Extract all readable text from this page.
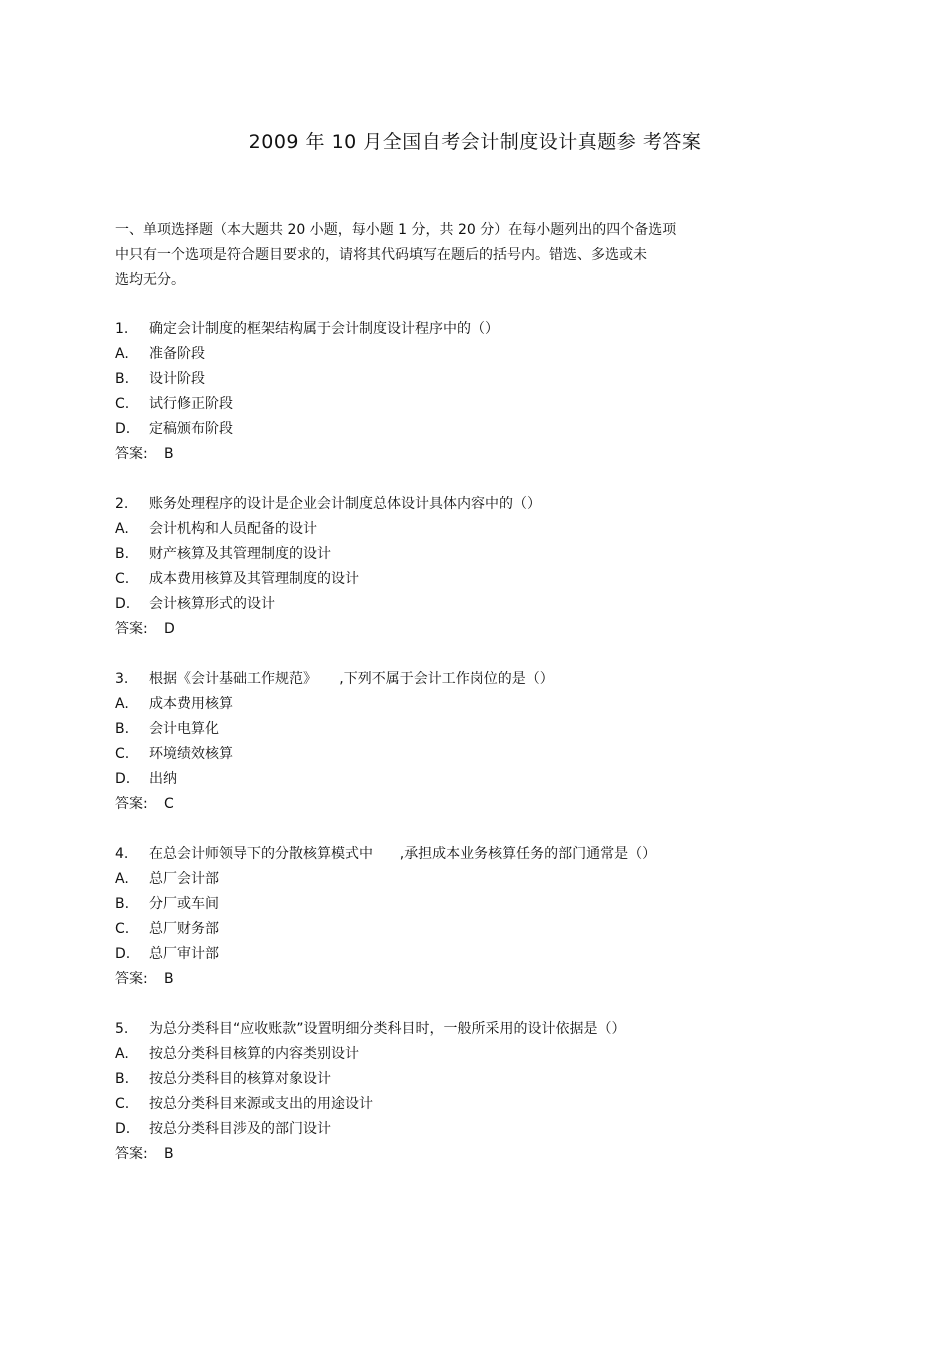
2009 年 10 月全国自考会计制度设计真题参 考答案
一、单项选择题（本大题共 20 小题，每小题 1 分，共 20 分）在每小题列出的四个备选项
中只有一个选项是符合题目要求的，请将其代码填写在题后的括号内。错选、多选或未
选均无分。
1. 确定会计制度的框架结构属于会计制度设计程序中的（）
A. 准备阶段
B. 设计阶段
C. 试行修正阶段
D. 定稿颁布阶段
答案: B
2. 账务处理程序的设计是企业会计制度总体设计具体内容中的（）
A. 会计机构和人员配备的设计
B. 财产核算及其管理制度的设计
C. 成本费用核算及其管理制度的设计
D. 会计核算形式的设计
答案: D
3. 根据《会计基础工作规范》     ,下列不属于会计工作岗位的是（）
A. 成本费用核算
B. 会计电算化
C. 环境绩效核算
D. 出纳
答案: C
4. 在总会计师领导下的分散核算模式中      ,承担成本业务核算任务的部门通常是（）
A. 总厂会计部
B. 分厂或车间
C. 总厂财务部
D. 总厂审计部
答案: B
5. 为总分类科目“应收账款”设置明细分类科目时，一般所采用的设计依据是（）
A. 按总分类科目核算的内容类别设计
B. 按总分类科目的核算对象设计
C. 按总分类科目来源或支出的用途设计
D. 按总分类科目涉及的部门设计
答案: B
